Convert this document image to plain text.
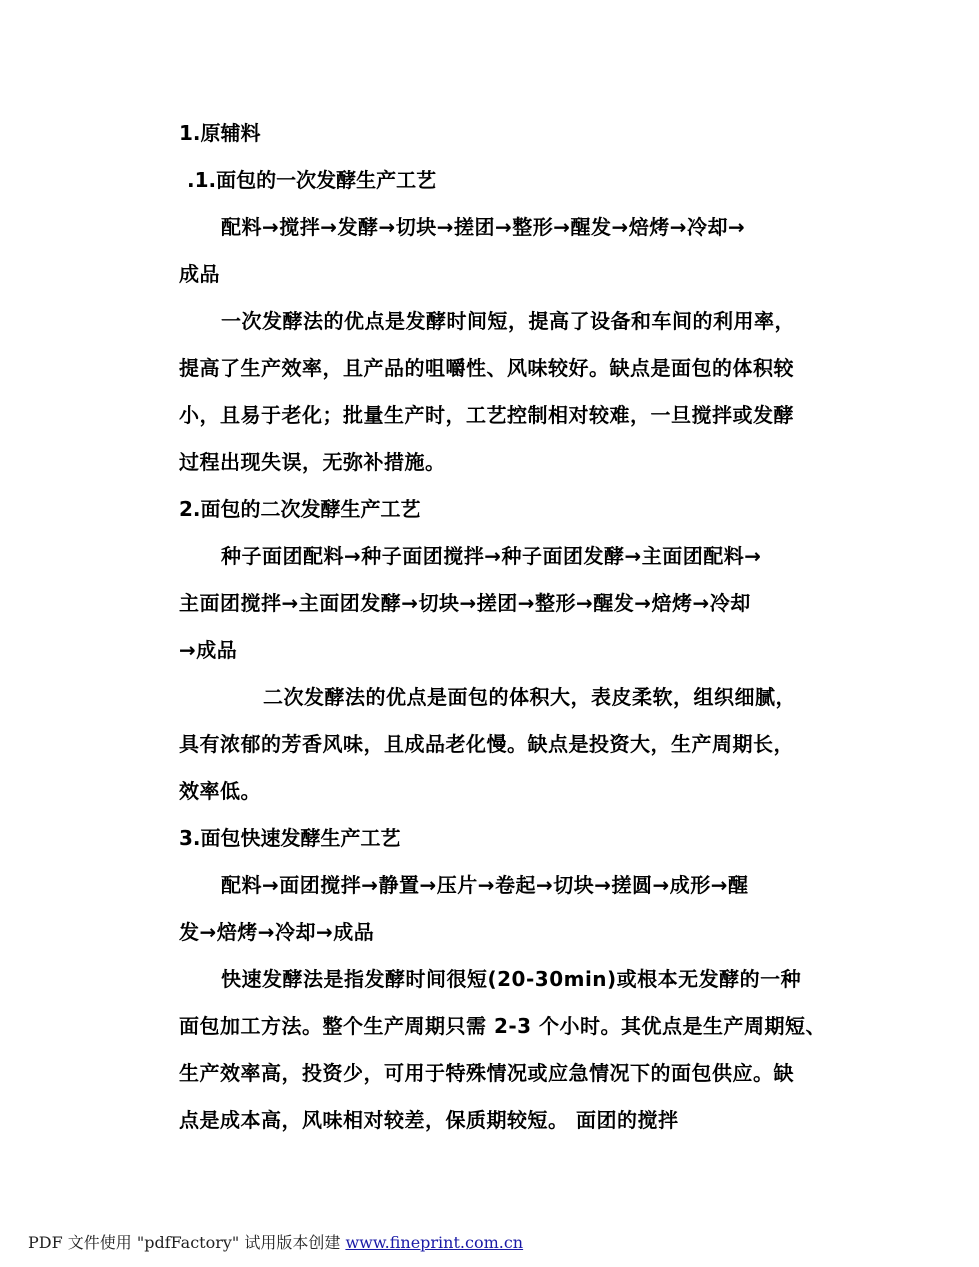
1.原辅料
.1.面包的一次发酵生产工艺
配料→搅拌→发酵→切块→搓团→整形→醒发→焙烤→冷却→
成品
一次发酵法的优点是发酵时间短，提高了设备和车间的利用率，
提高了生产效率，且产品的咀嚼性、风味较好。缺点是面包的体积较
小，且易于老化；批量生产时，工艺控制相对较难，一旦搅拌或发酵
过程出现失误，无弥补措施。
2.面包的二次发酵生产工艺
种子面团配料→种子面团搅拌→种子面团发酵→主面团配料→
主面团搅拌→主面团发酵→切块→搓团→整形→醒发→焙烤→冷却
→成品
二次发酵法的优点是面包的体积大，表皮柔软，组织细腻，
具有浓郁的芳香风味，且成品老化慢。缺点是投资大，生产周期长，
效率低。
3.面包快速发酵生产工艺
配料→面团搅拌→静置→压片→卷起→切块→搓圆→成形→醒
发→焙烤→冷却→成品
快速发酵法是指发酵时间很短(20-30min)或根本无发酵的一种
面包加工方法。整个生产周期只需 2-3 个小时。其优点是生产周期短、
生产效率高，投资少，可用于特殊情况或应急情况下的面包供应。缺
点是成本高，风味相对较差，保质期较短。 面团的搅拌
PDF 文件使用 "pdfFactory" 试用版本创建 www.fineprint.com.cn
